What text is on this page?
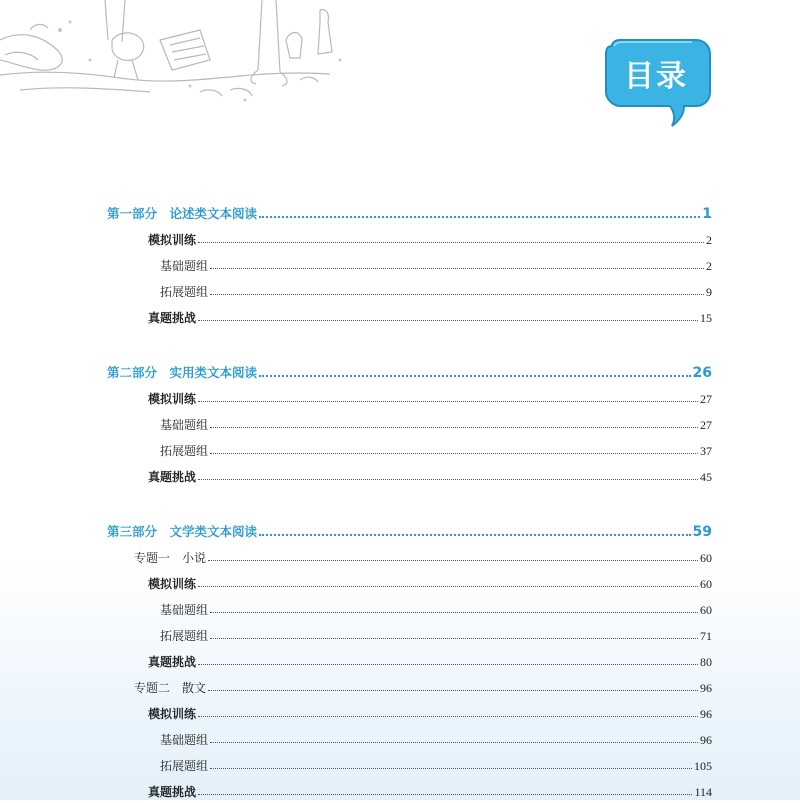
目录
第一部分　论述类文本阅读	1
模拟训练	2
基础题组	2
拓展题组	9
真题挑战	15
第二部分　实用类文本阅读	26
模拟训练	27
基础题组	27
拓展题组	37
真题挑战	45
第三部分　文学类文本阅读	59
专题一　小说	60
模拟训练	60
基础题组	60
拓展题组	71
真题挑战	80
专题二　散文	96
模拟训练	96
基础题组	96
拓展题组	105
真题挑战	114
